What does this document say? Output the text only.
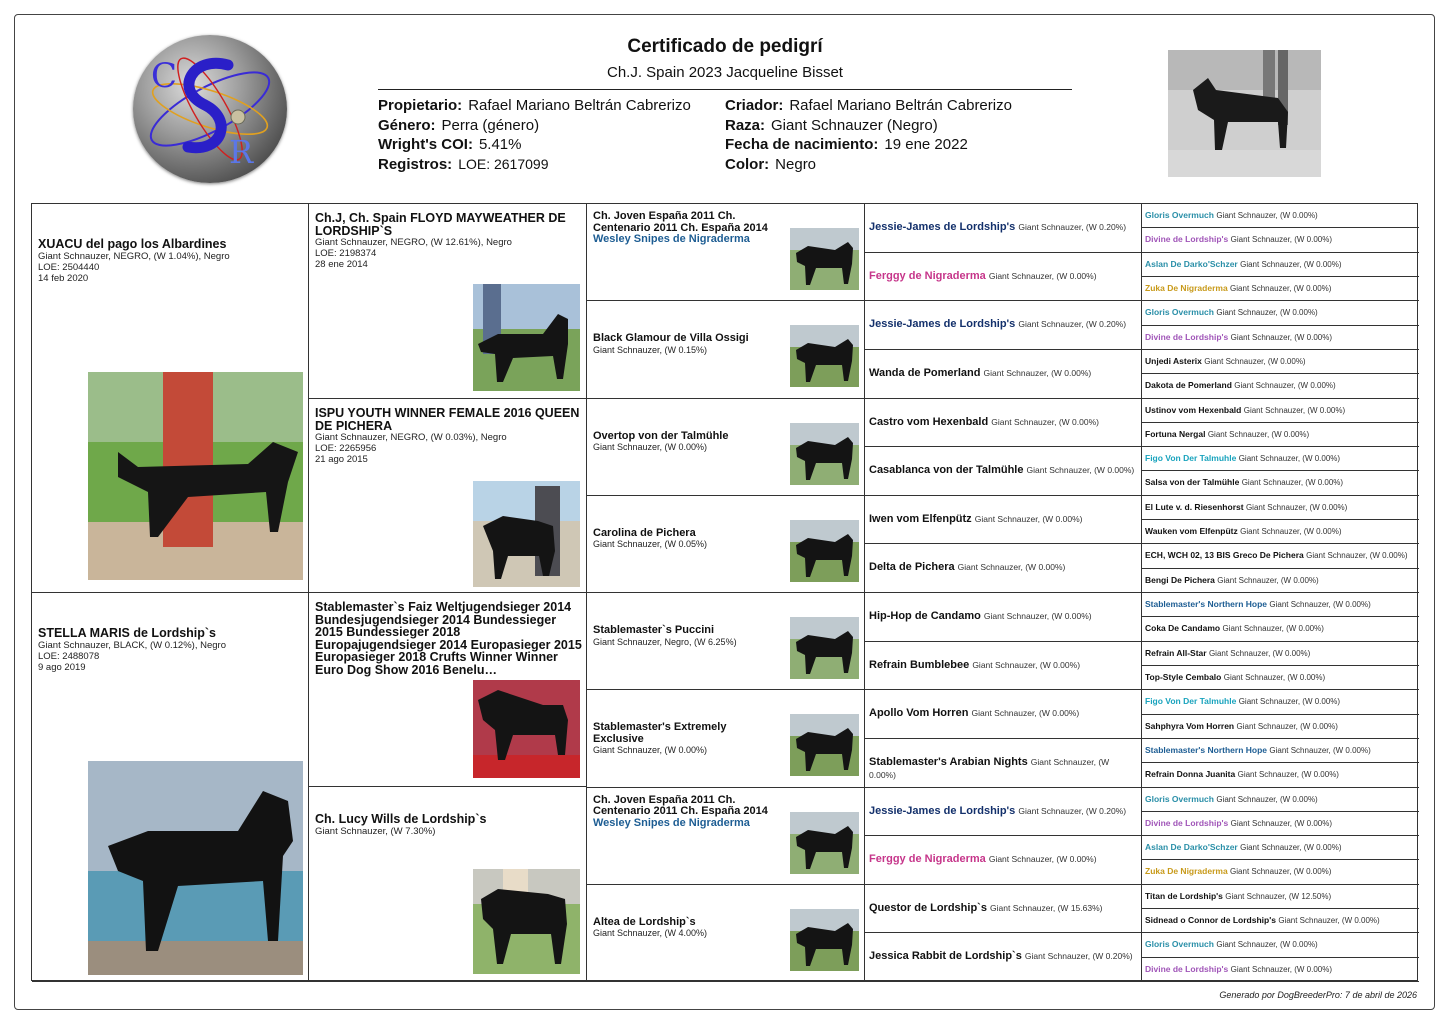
C
R
Certificado de pedigrí
Ch.J. Spain 2023 Jacqueline Bisset
Propietario: Rafael Mariano Beltrán Cabrerizo
Género: Perra (género)
Wright's COI: 5.41%
Registros: LOE: 2617099
Criador: Rafael Mariano Beltrán Cabrerizo
Raza: Giant Schnauzer (Negro)
Fecha de nacimiento: 19 ene 2022
Color: Negro
XUACU del pago los Albardines
Giant Schnauzer, NEGRO, (W 1.04%), Negro
LOE: 2504440
14 feb 2020
STELLA MARIS de Lordship`s
Giant Schnauzer, BLACK, (W 0.12%), Negro
LOE: 2488078
9 ago 2019
Ch.J, Ch. Spain FLOYD MAYWEATHER DE LORDSHIP`S
Giant Schnauzer, NEGRO, (W 12.61%), Negro
LOE: 2198374
28 ene 2014
ISPU YOUTH WINNER FEMALE 2016 QUEEN DE PICHERA
Giant Schnauzer, NEGRO, (W 0.03%), Negro
LOE: 2265956
21 ago 2015
Stablemaster`s Faiz Weltjugendsieger 2014 Bundesjugendsieger 2014 Bundessieger 2015 Bundessieger 2018 Europajugendsieger 2014 Europasieger 2015 Europasieger 2018 Crufts Winner Winner Euro Dog Show 2016 Benelu…
Ch. Lucy Wills de Lordship`s
Giant Schnauzer, (W 7.30%)
Ch. Joven España 2011 Ch. Centenario 2011 Ch. España 2014 Wesley Snipes de Nigraderma
Black Glamour de Villa Ossigi
Giant Schnauzer, (W 0.15%)
Overtop von der Talmühle
Giant Schnauzer, (W 0.00%)
Carolina de Pichera
Giant Schnauzer, (W 0.05%)
Stablemaster`s Puccini
Giant Schnauzer, Negro, (W 6.25%)
Stablemaster's Extremely Exclusive
Giant Schnauzer, (W 0.00%)
Ch. Joven España 2011 Ch. Centenario 2011 Ch. España 2014 Wesley Snipes de Nigraderma
Altea de Lordship`s
Giant Schnauzer, (W 4.00%)
Jessie-James de Lordship's Giant Schnauzer, (W 0.20%)
Ferggy de Nigraderma Giant Schnauzer, (W 0.00%)
Jessie-James de Lordship's Giant Schnauzer, (W 0.20%)
Wanda de Pomerland Giant Schnauzer, (W 0.00%)
Castro vom Hexenbald Giant Schnauzer, (W 0.00%)
Casablanca von der Talmühle Giant Schnauzer, (W 0.00%)
Iwen vom Elfenpütz Giant Schnauzer, (W 0.00%)
Delta de Pichera Giant Schnauzer, (W 0.00%)
Hip-Hop de Candamo Giant Schnauzer, (W 0.00%)
Refrain Bumblebee Giant Schnauzer, (W 0.00%)
Apollo Vom Horren Giant Schnauzer, (W 0.00%)
Stablemaster's Arabian Nights Giant Schnauzer, (W 0.00%)
Jessie-James de Lordship's Giant Schnauzer, (W 0.20%)
Ferggy de Nigraderma Giant Schnauzer, (W 0.00%)
Questor de Lordship`s Giant Schnauzer, (W 15.63%)
Jessica Rabbit de Lordship`s Giant Schnauzer, (W 0.20%)
Gloris Overmuch Giant Schnauzer, (W 0.00%)
Divine de Lordship's Giant Schnauzer, (W 0.00%)
Aslan De Darko'Schzer Giant Schnauzer, (W 0.00%)
Zuka De Nigraderma Giant Schnauzer, (W 0.00%)
Gloris Overmuch Giant Schnauzer, (W 0.00%)
Divine de Lordship's Giant Schnauzer, (W 0.00%)
Unjedi Asterix Giant Schnauzer, (W 0.00%)
Dakota de Pomerland Giant Schnauzer, (W 0.00%)
Ustinov vom Hexenbald Giant Schnauzer, (W 0.00%)
Fortuna Nergal Giant Schnauzer, (W 0.00%)
Figo Von Der Talmuhle Giant Schnauzer, (W 0.00%)
Salsa von der Talmühle Giant Schnauzer, (W 0.00%)
El Lute v. d. Riesenhorst Giant Schnauzer, (W 0.00%)
Wauken vom Elfenpütz Giant Schnauzer, (W 0.00%)
ECH, WCH 02, 13 BIS Greco De Pichera Giant Schnauzer, (W 0.00%)
Bengi De Pichera Giant Schnauzer, (W 0.00%)
Stablemaster's Northern Hope Giant Schnauzer, (W 0.00%)
Coka De Candamo Giant Schnauzer, (W 0.00%)
Refrain All-Star Giant Schnauzer, (W 0.00%)
Top-Style Cembalo Giant Schnauzer, (W 0.00%)
Figo Von Der Talmuhle Giant Schnauzer, (W 0.00%)
Sahphyra Vom Horren Giant Schnauzer, (W 0.00%)
Stablemaster's Northern Hope Giant Schnauzer, (W 0.00%)
Refrain Donna Juanita Giant Schnauzer, (W 0.00%)
Gloris Overmuch Giant Schnauzer, (W 0.00%)
Divine de Lordship's Giant Schnauzer, (W 0.00%)
Aslan De Darko'Schzer Giant Schnauzer, (W 0.00%)
Zuka De Nigraderma Giant Schnauzer, (W 0.00%)
Titan de Lordship's Giant Schnauzer, (W 12.50%)
Sidnead o Connor de Lordship's Giant Schnauzer, (W 0.00%)
Gloris Overmuch Giant Schnauzer, (W 0.00%)
Divine de Lordship's Giant Schnauzer, (W 0.00%)
Generado por DogBreederPro: 7 de abril de 2026
